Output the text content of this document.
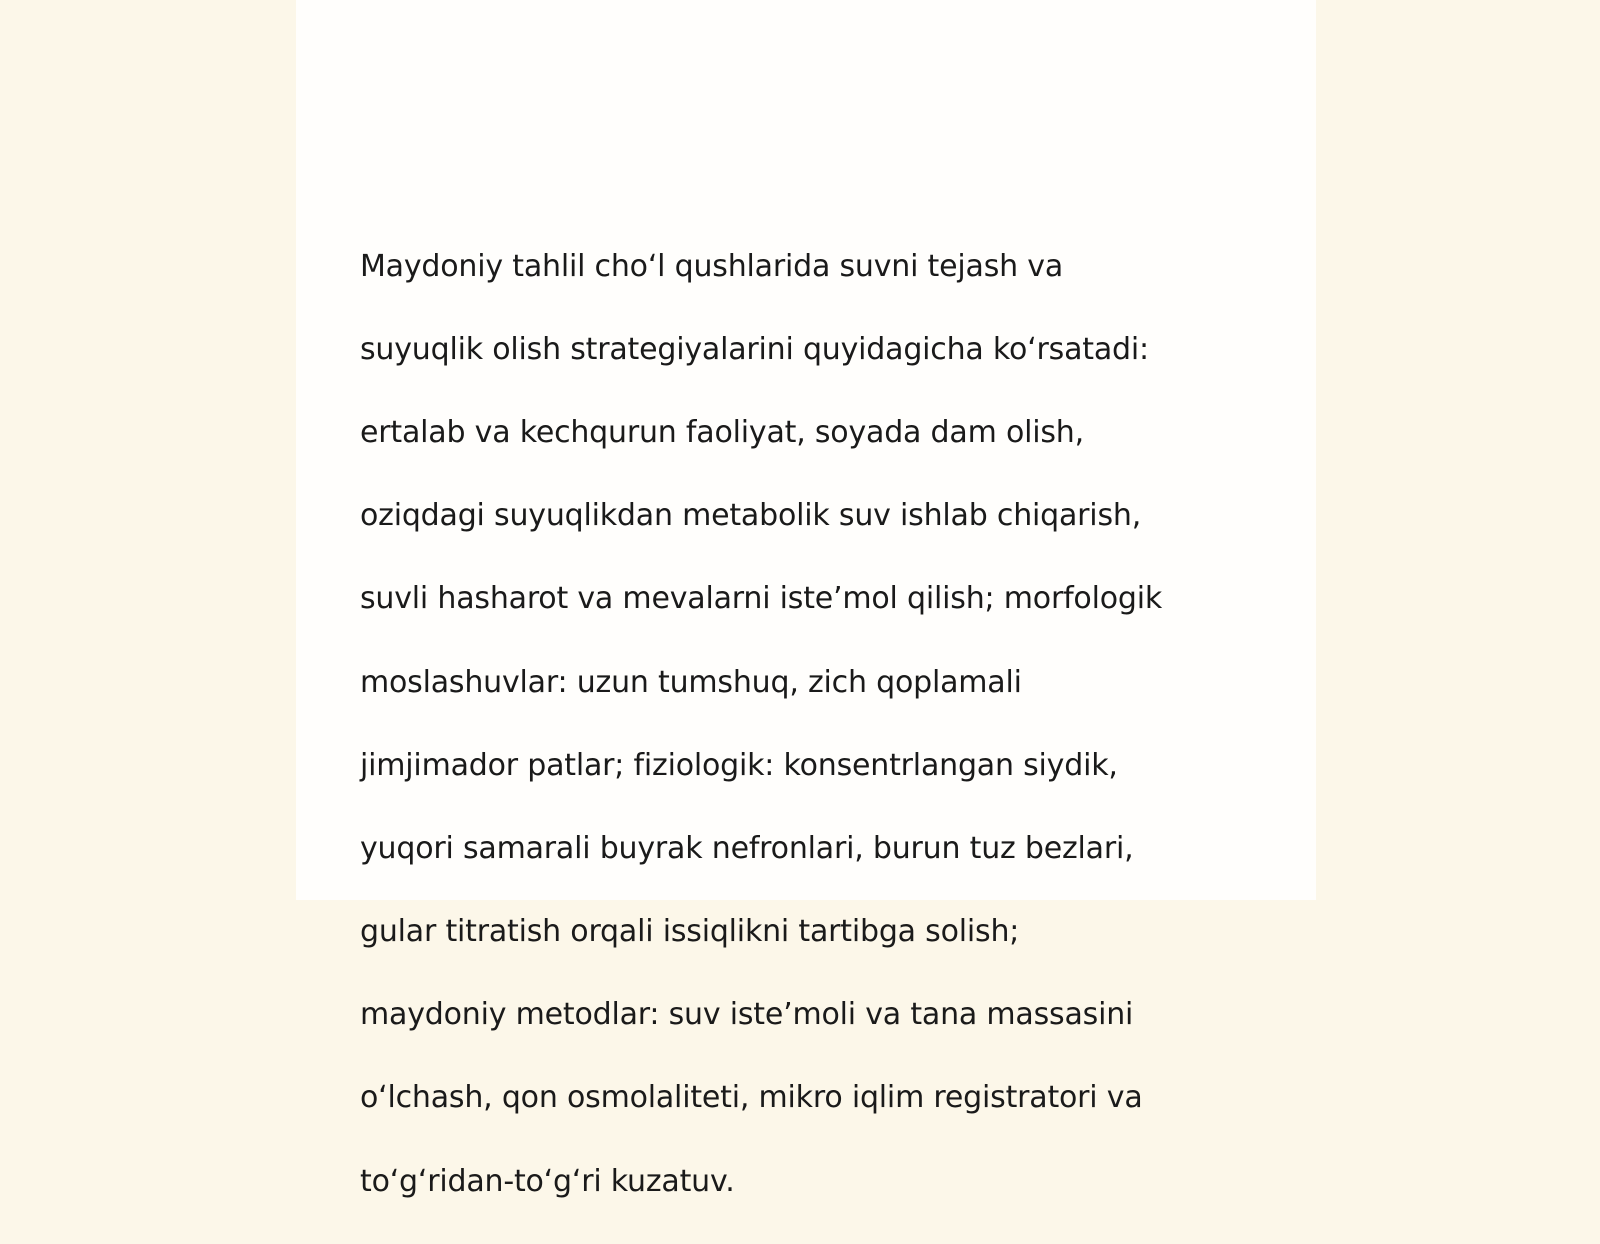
Maydoniy tahlil cho‘l qushlarida suvni tejash va

suyuqlik olish strategiyalarini quyidagicha ko‘rsatadi:

ertalab va kechqurun faoliyat, soyada dam olish,

oziqdagi suyuqlikdan metabolik suv ishlab chiqarish,

suvli hasharot va mevalarni iste’mol qilish; morfologik

moslashuvlar: uzun tumshuq, zich qoplamali

jimjimador patlar; fiziologik: konsentrlangan siydik,

yuqori samarali buyrak nefronlari, burun tuz bezlari,

gular titratish orqali issiqlikni tartibga solish;

maydoniy metodlar: suv iste’moli va tana massasini

o‘lchash, qon osmolaliteti, mikro iqlim registratori va

to‘g‘ridan-to‘g‘ri kuzatuv.
